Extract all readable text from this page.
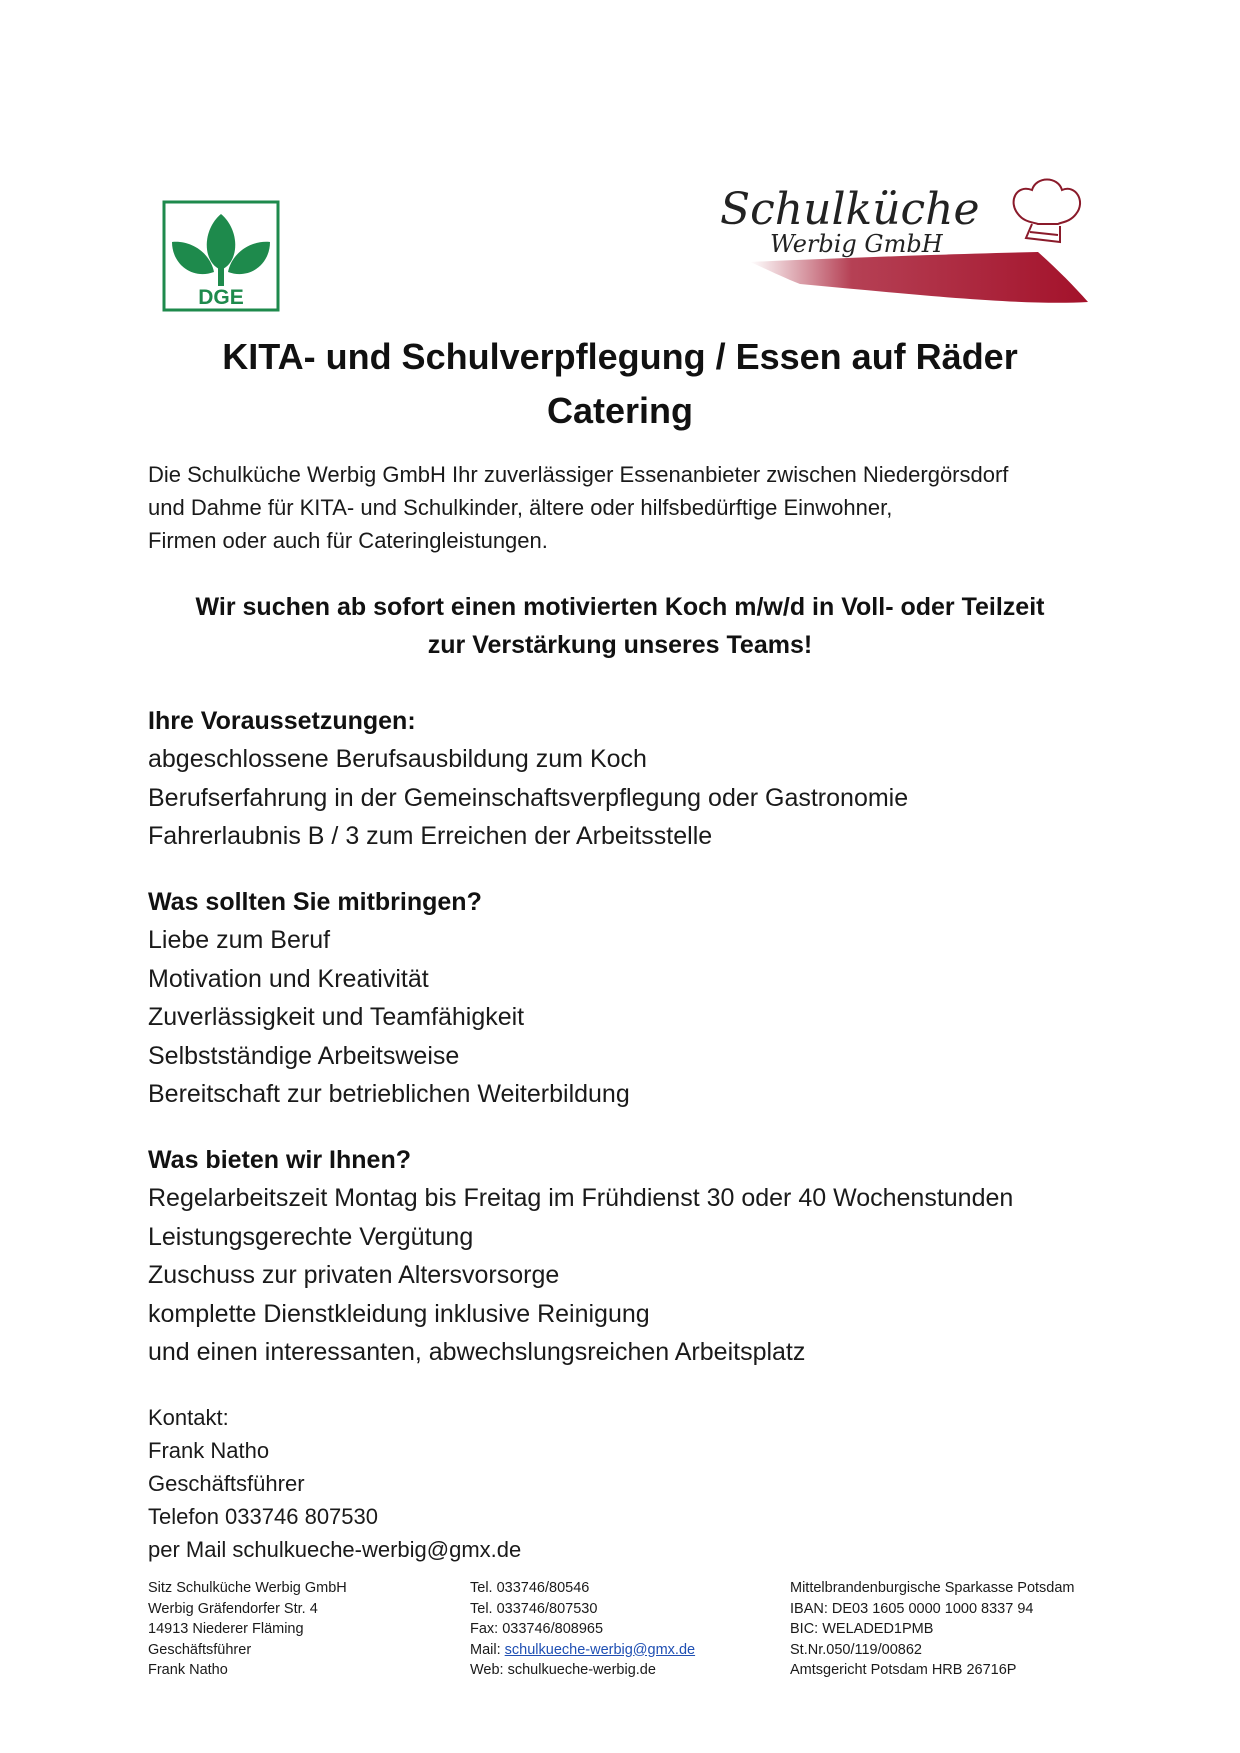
DGE
Schulküche
Werbig GmbH
KITA- und Schulverpflegung / Essen auf Räder
Catering
Die Schulküche Werbig GmbH Ihr zuverlässiger Essenanbieter zwischen Niedergörsdorf
und Dahme für KITA- und Schulkinder, ältere oder hilfsbedürftige Einwohner,
Firmen oder auch für Cateringleistungen.
Wir suchen ab sofort einen motivierten Koch m/w/d in Voll- oder Teilzeit
zur Verstärkung unseres Teams!
Ihre Voraussetzungen:
abgeschlossene Berufsausbildung zum Koch
Berufserfahrung in der Gemeinschaftsverpflegung oder Gastronomie
Fahrerlaubnis B / 3 zum Erreichen der Arbeitsstelle
Was sollten Sie mitbringen?
Liebe zum Beruf
Motivation und Kreativität
Zuverlässigkeit und Teamfähigkeit
Selbstständige Arbeitsweise
Bereitschaft zur betrieblichen Weiterbildung
Was bieten wir Ihnen?
Regelarbeitszeit Montag bis Freitag im Frühdienst 30 oder 40 Wochenstunden
Leistungsgerechte Vergütung
Zuschuss zur privaten Altersvorsorge
komplette Dienstkleidung inklusive Reinigung
und einen interessanten, abwechslungsreichen Arbeitsplatz
Kontakt:
Frank Natho
Geschäftsführer
Telefon 033746 807530
per Mail schulkueche-werbig@gmx.de
Sitz Schulküche Werbig GmbH
Werbig Gräfendorfer Str. 4
14913 Niederer Fläming
Geschäftsführer
Frank Natho
Tel. 033746/80546
Tel. 033746/807530
Fax: 033746/808965
Mail: schulkueche-werbig@gmx.de
Web: schulkueche-werbig.de
Mittelbrandenburgische Sparkasse Potsdam
IBAN: DE03 1605 0000 1000 8337 94
BIC: WELADED1PMB
St.Nr.050/119/00862
Amtsgericht Potsdam HRB 26716P
